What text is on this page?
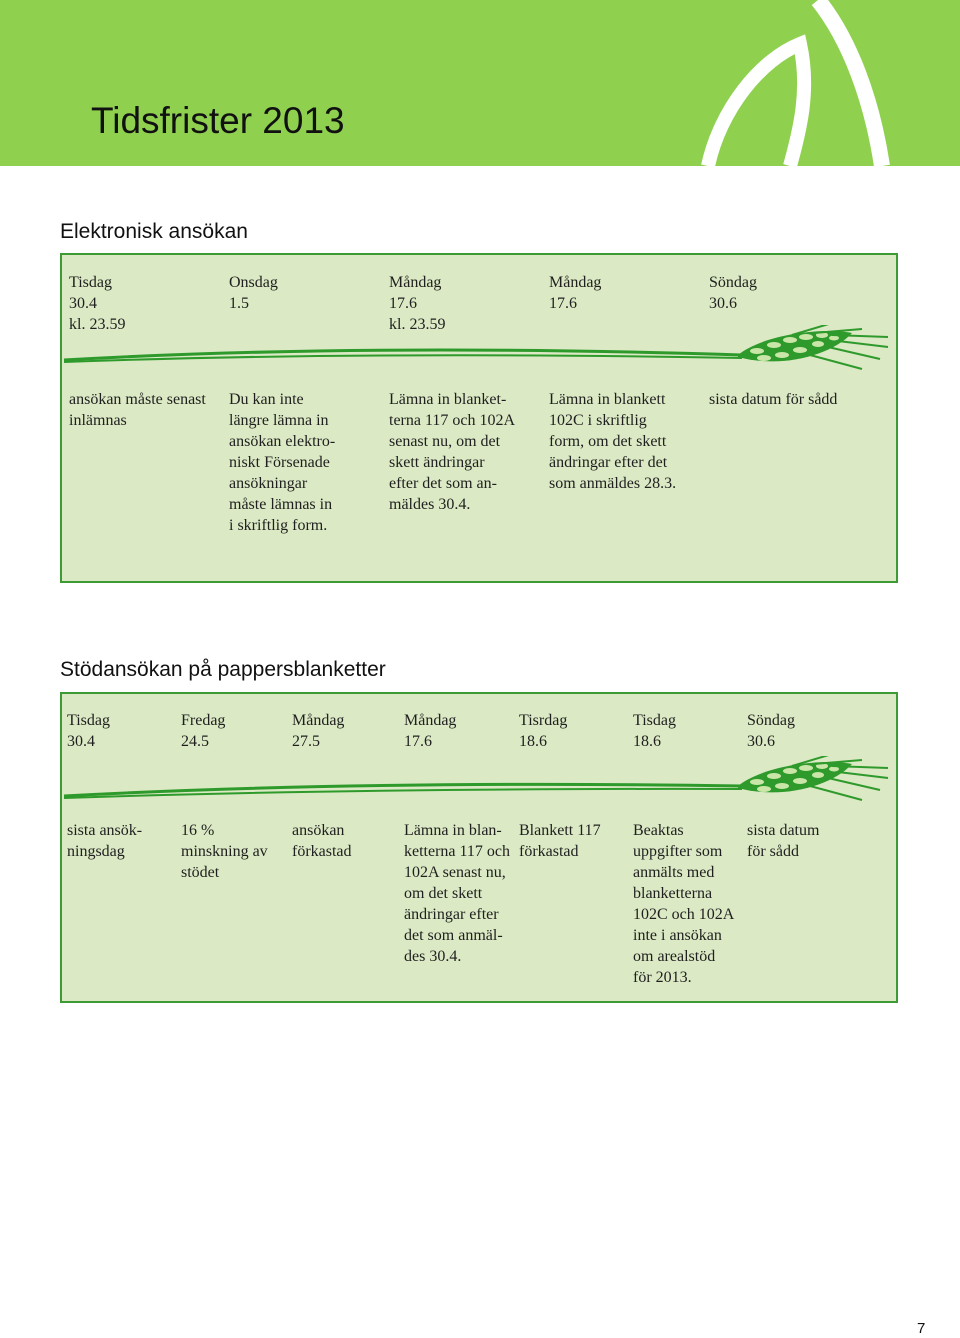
Tidsfrister 2013
Elektronisk ansökan
Tisdag
30.4
kl. 23.59
Onsdag
1.5
Måndag
17.6
kl. 23.59
Måndag
17.6
Söndag
30.6
ansökan måste senast
inlämnas
Du kan inte
längre lämna in
ansökan elektro-
niskt Försenade
ansökningar
måste lämnas in
i skriftlig form.
Lämna in blanket-
terna 117 och 102A
senast nu, om det
skett ändringar
efter det som an-
mäldes 30.4.
Lämna in blankett
102C i skriftlig
form, om det skett
ändringar efter det
som anmäldes 28.3.
sista datum för sådd
Stödansökan på pappersblanketter
Tisdag
30.4
Fredag
24.5
Måndag
27.5
Måndag
17.6
Tisrdag
18.6
Tisdag
18.6
Söndag
30.6
sista ansök-
ningsdag
16 %
minskning av
stödet
ansökan
förkastad
Lämna in blan-
ketterna 117 och
102A senast nu,
om det skett
ändringar efter
det som anmäl-
des 30.4.
Blankett 117
förkastad
Beaktas
uppgifter som
anmälts med
blanketterna
102C och 102A
inte i ansökan
om arealstöd
för 2013.
sista datum
för sådd
7
